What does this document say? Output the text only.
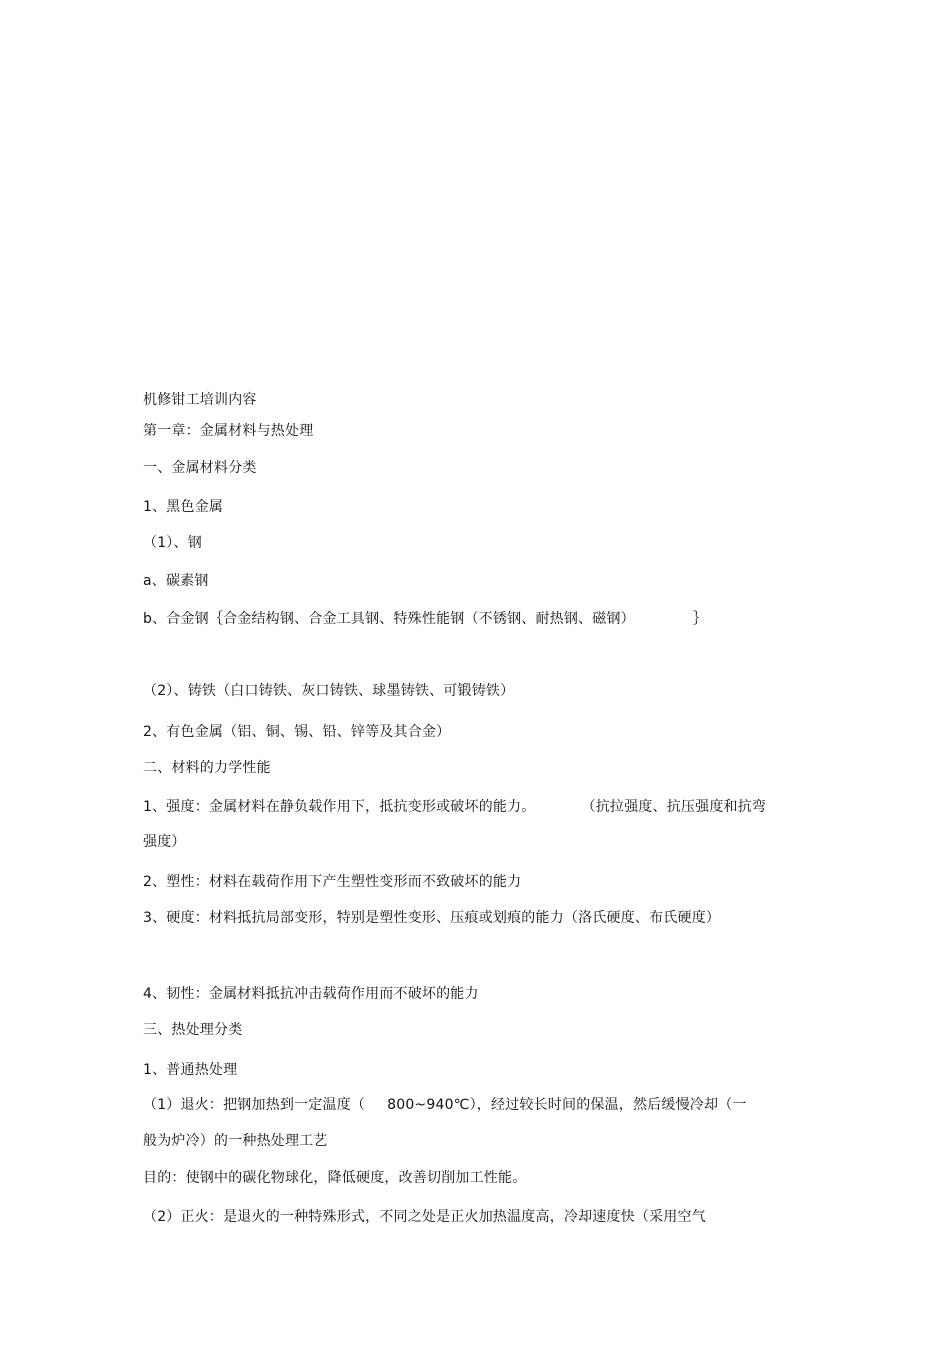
机修钳工培训内容
第一章：金属材料与热处理
一、金属材料分类
1、黑色金属
（1）、钢
a、碳素钢
b、合金钢｛合金结构钢、合金工具钢、特殊性能钢（不锈钢、耐热钢、磁钢）	｝
（2）、铸铁（白口铸铁、灰口铸铁、球墨铸铁、可锻铸铁）
2、有色金属（铝、铜、锡、铅、锌等及其合金）
二、材料的力学性能
1、强度：金属材料在静负载作用下，抵抗变形或破坏的能力。	（抗拉强度、抗压强度和抗弯
强度）
2、塑性：材料在载荷作用下产生塑性变形而不致破坏的能力
3、硬度：材料抵抗局部变形，特别是塑性变形、压痕或划痕的能力（洛氏硬度、布氏硬度）
4、韧性：金属材料抵抗冲击载荷作用而不破坏的能力
三、热处理分类
1、普通热处理
（1）退火：把钢加热到一定温度（ 800~940℃），经过较长时间的保温，然后缓慢冷却（一
般为炉冷）的一种热处理工艺
目的：使钢中的碳化物球化，降低硬度，改善切削加工性能。
（2）正火：是退火的一种特殊形式，不同之处是正火加热温度高，冷却速度快（采用空气
